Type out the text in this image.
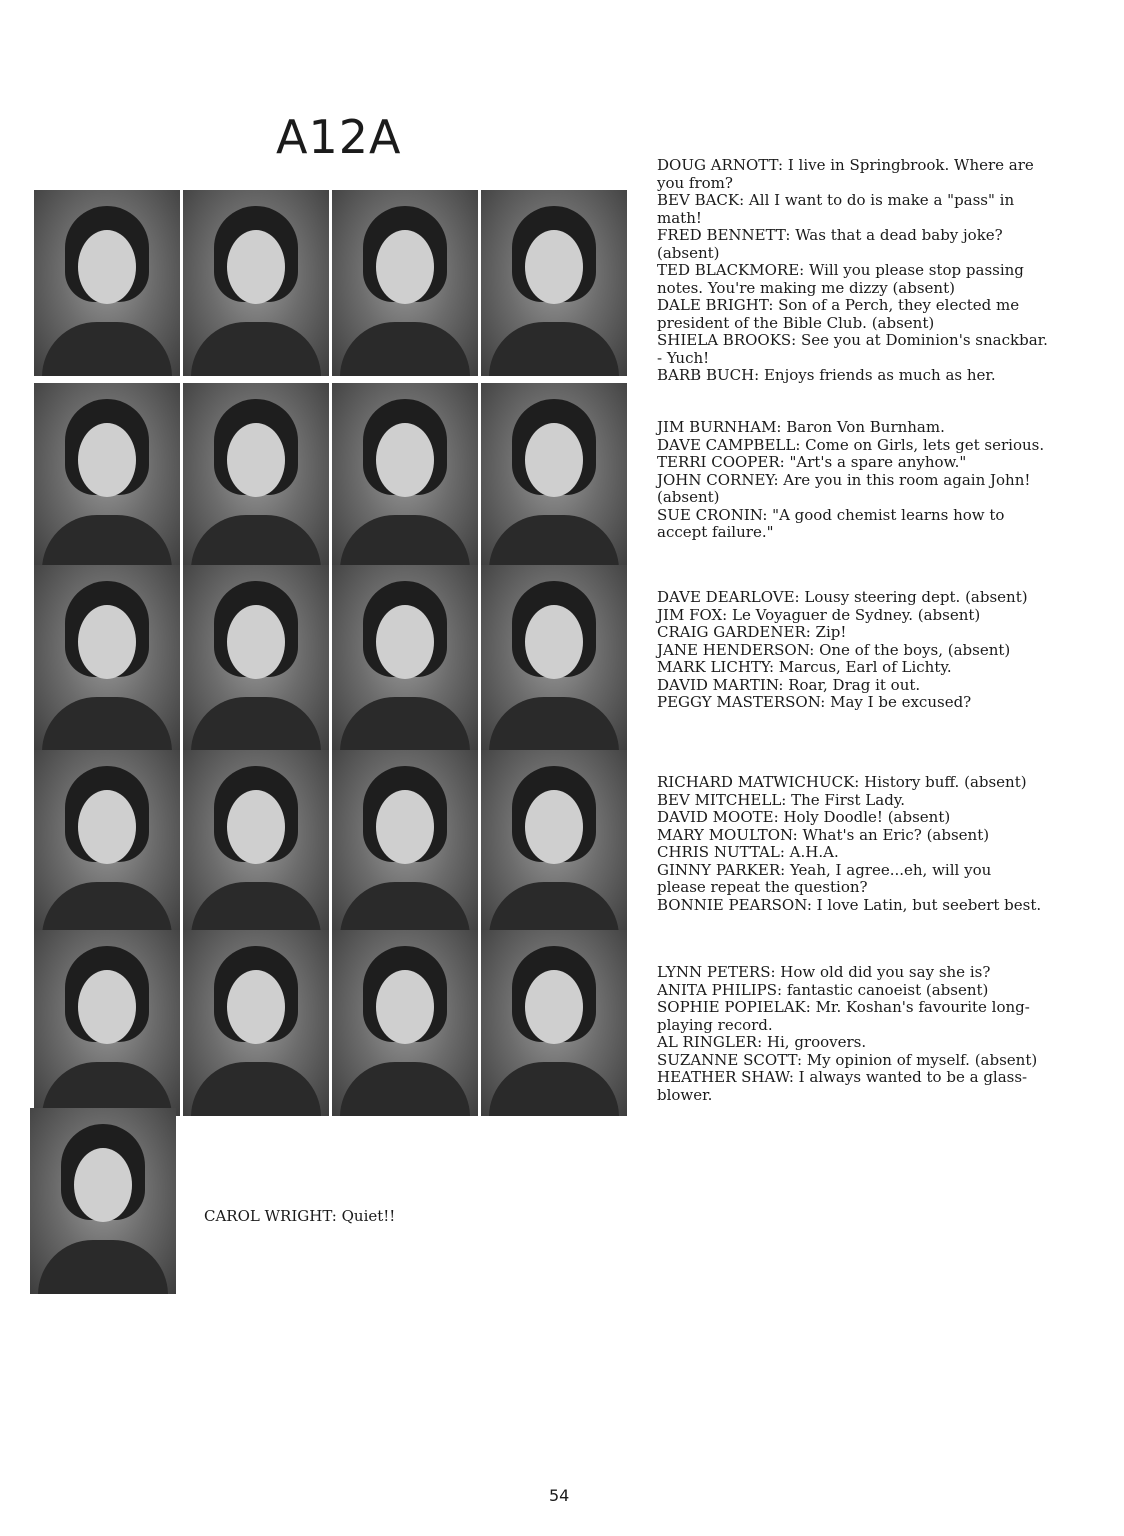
A12A
DOUG ARNOTT: I live in Springbrook. Where are
you from?
BEV BACK: All I want to do is make a "pass" in
math!
FRED BENNETT: Was that a dead baby joke?
(absent)
TED BLACKMORE: Will you please stop passing
notes. You're making me dizzy (absent)
DALE BRIGHT: Son of a Perch, they elected me
president of the Bible Club. (absent)
SHIELA BROOKS: See you at Dominion's snackbar.
- Yuch!
BARB BUCH: Enjoys friends as much as her.
JIM BURNHAM: Baron Von Burnham.
DAVE CAMPBELL: Come on Girls, lets get serious.
TERRI COOPER: "Art's a spare anyhow."
JOHN CORNEY: Are you in this room again John!
(absent)
SUE CRONIN: "A good chemist learns how to
accept failure."
DAVE DEARLOVE: Lousy steering dept. (absent)
JIM FOX: Le Voyaguer de Sydney. (absent)
CRAIG GARDENER: Zip!
JANE HENDERSON: One of the boys, (absent)
MARK LICHTY: Marcus, Earl of Lichty.
DAVID MARTIN: Roar, Drag it out.
PEGGY MASTERSON: May I be excused?
RICHARD MATWICHUCK: History buff. (absent)
BEV MITCHELL: The First Lady.
DAVID MOOTE: Holy Doodle! (absent)
MARY MOULTON: What's an Eric? (absent)
CHRIS NUTTAL: A.H.A.
GINNY PARKER: Yeah, I agree...eh, will you
please repeat the question?
BONNIE PEARSON: I love Latin, but seebert best.
LYNN PETERS: How old did you say she is?
ANITA PHILIPS: fantastic canoeist (absent)
SOPHIE POPIELAK: Mr. Koshan's favourite long-
playing record.
AL RINGLER: Hi, groovers.
SUZANNE SCOTT: My opinion of myself. (absent)
HEATHER SHAW: I always wanted to be a glass-
blower.
CAROL WRIGHT: Quiet!!
54
